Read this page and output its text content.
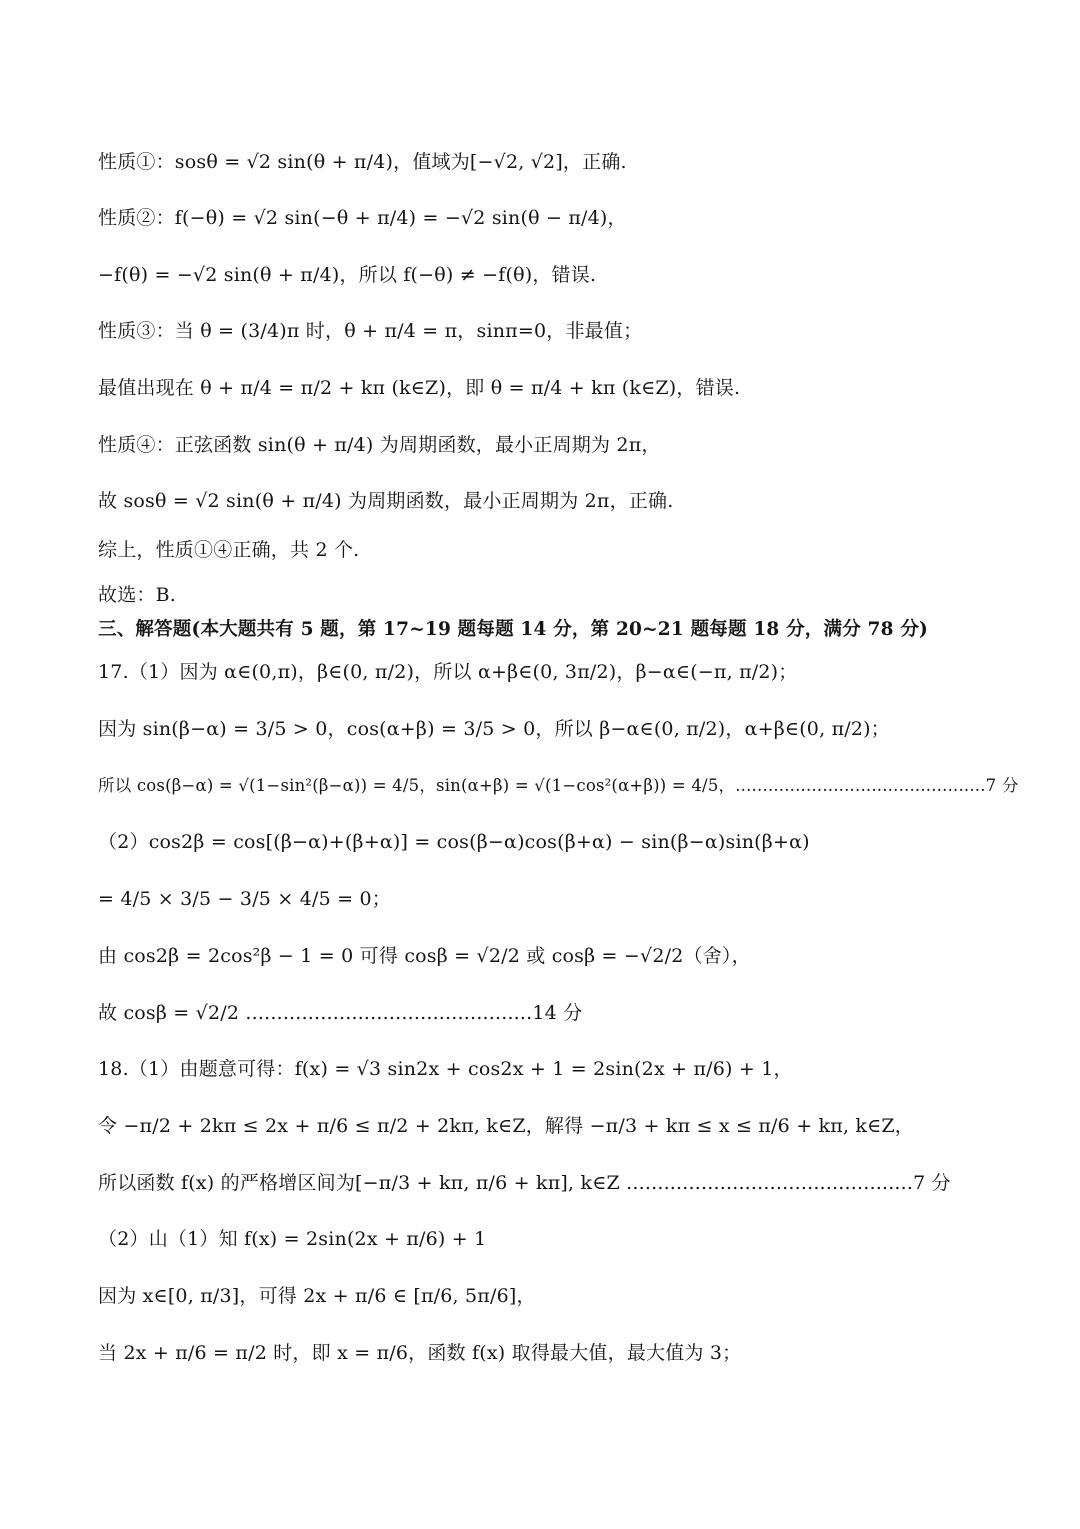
性质①：sosθ = √2 sin(θ + π/4)，值域为[−√2, √2]，正确.
性质②：f(−θ) = √2 sin(−θ + π/4) = −√2 sin(θ − π/4)，
−f(θ) = −√2 sin(θ + π/4)，所以 f(−θ) ≠ −f(θ)，错误.
性质③：当 θ = (3/4)π 时，θ + π/4 = π，sinπ=0，非最值；
最值出现在 θ + π/4 = π/2 + kπ (k∈Z)，即 θ = π/4 + kπ (k∈Z)，错误.
性质④：正弦函数 sin(θ + π/4) 为周期函数，最小正周期为 2π，
故 sosθ = √2 sin(θ + π/4) 为周期函数，最小正周期为 2π，正确.
综上，性质①④正确，共 2 个.
故选：B.
三、解答题(本大题共有 5 题，第 17~19 题每题 14 分，第 20~21 题每题 18 分，满分 78 分)
17.（1）因为 α∈(0,π)，β∈(0, π/2)，所以 α+β∈(0, 3π/2)，β−α∈(−π, π/2)；
因为 sin(β−α) = 3/5 > 0，cos(α+β) = 3/5 > 0，所以 β−α∈(0, π/2)，α+β∈(0, π/2)；
所以 cos(β−α) = √(1−sin²(β−α)) = 4/5，sin(α+β) = √(1−cos²(α+β)) = 4/5，..............................................7 分
（2）cos2β = cos[(β−α)+(β+α)] = cos(β−α)cos(β+α) − sin(β−α)sin(β+α)
= 4/5 × 3/5 − 3/5 × 4/5 = 0；
由 cos2β = 2cos²β − 1 = 0 可得 cosβ = √2/2 或 cosβ = −√2/2（舍），
故 cosβ = √2/2 ..............................................14 分
18.（1）由题意可得：f(x) = √3 sin2x + cos2x + 1 = 2sin(2x + π/6) + 1，
令 −π/2 + 2kπ ≤ 2x + π/6 ≤ π/2 + 2kπ, k∈Z，解得 −π/3 + kπ ≤ x ≤ π/6 + kπ, k∈Z，
所以函数 f(x) 的严格增区间为[−π/3 + kπ, π/6 + kπ], k∈Z ..............................................7 分
（2）山（1）知 f(x) = 2sin(2x + π/6) + 1
因为 x∈[0, π/3]，可得 2x + π/6 ∈ [π/6, 5π/6]，
当 2x + π/6 = π/2 时，即 x = π/6，函数 f(x) 取得最大值，最大值为 3；
